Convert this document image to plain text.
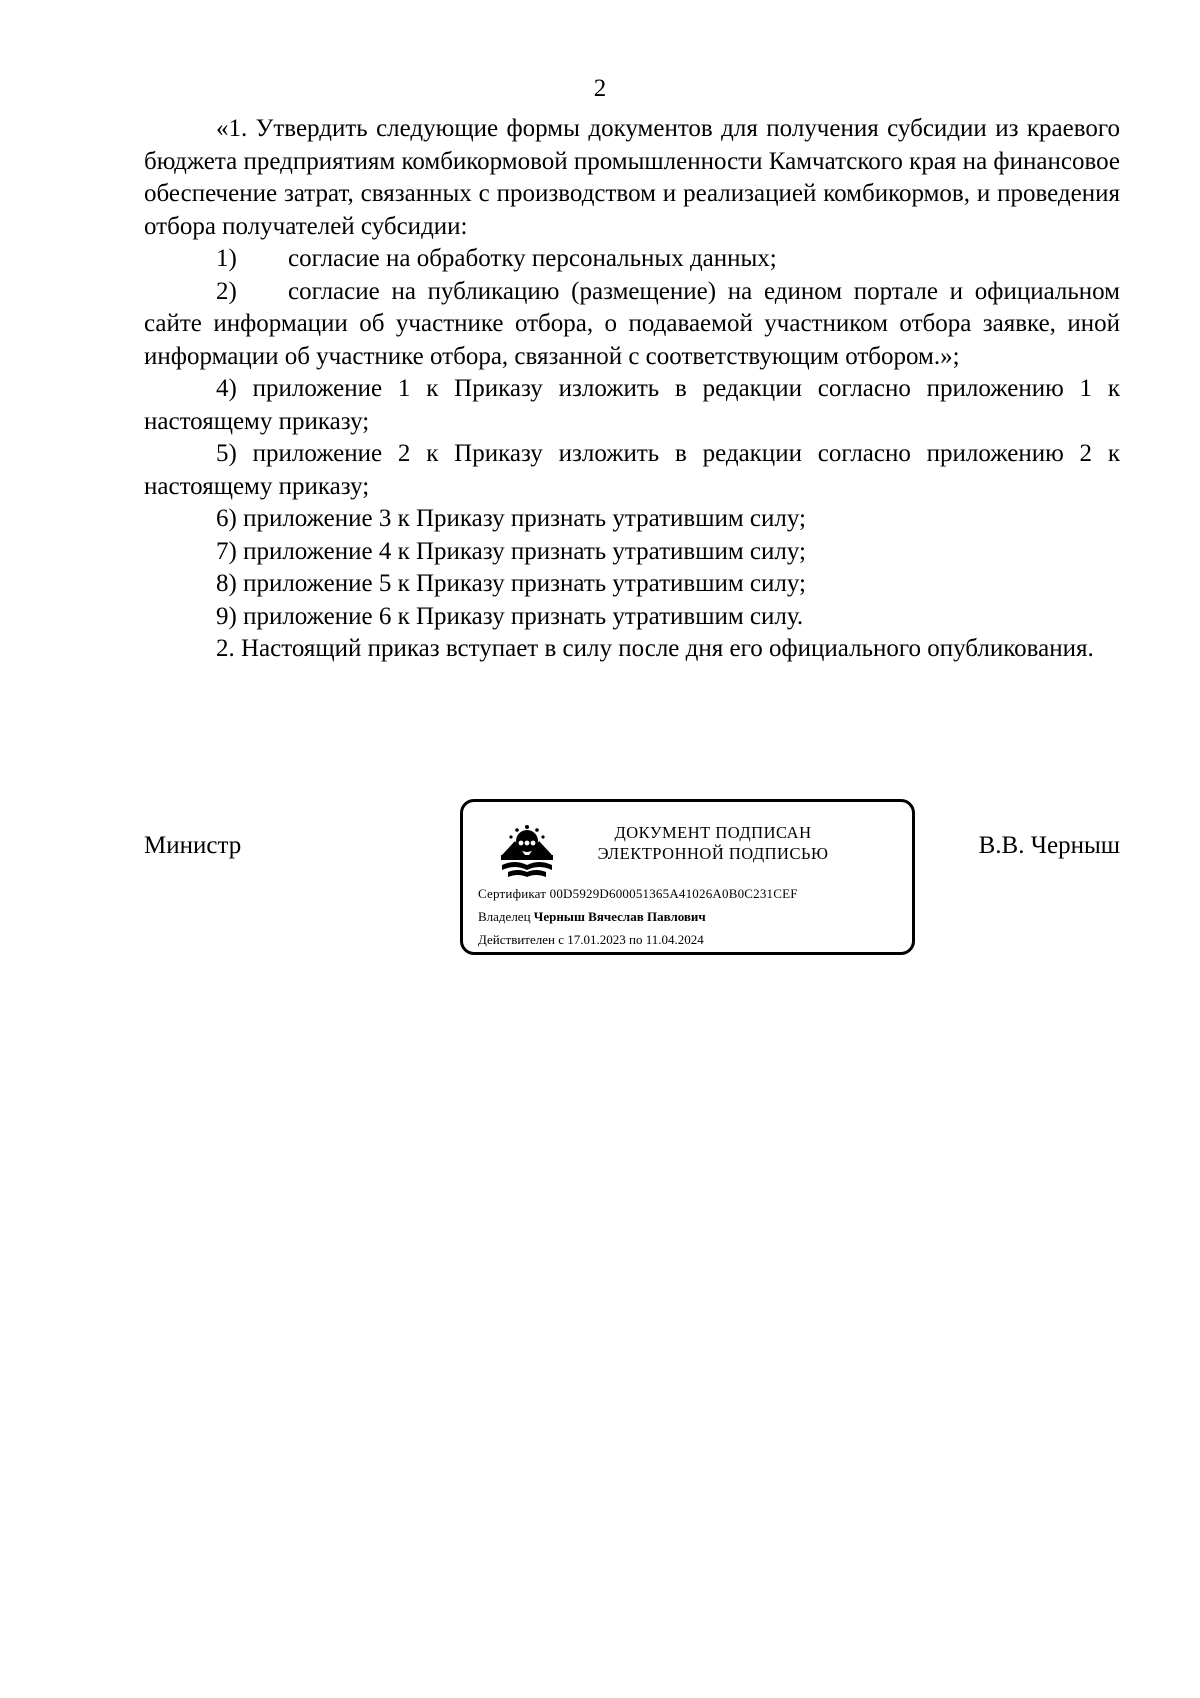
2

«1. Утвердить следующие формы документов для получения субсидии из краевого бюджета предприятиям комбикормовой промышленности Камчатского края на финансовое обеспечение затрат, связанных с производством и реализацией комбикормов, и проведения отбора получателей субсидии:

1) согласие на обработку персональных данных;

2) согласие на публикацию (размещение) на едином портале и официальном сайте информации об участнике отбора, о подаваемой участником отбора заявке, иной информации об участнике отбора, связанной с соответствующим отбором.»;

4) приложение 1 к Приказу изложить в редакции согласно приложению 1 к настоящему приказу;

5) приложение 2 к Приказу изложить в редакции согласно приложению 2 к настоящему приказу;

6) приложение 3 к Приказу признать утратившим силу;

7) приложение 4 к Приказу признать утратившим силу;

8) приложение 5 к Приказу признать утратившим силу;

9) приложение 6 к Приказу признать утратившим силу.

2. Настоящий приказ вступает в силу после дня его официального опубликования.

Министр	ДОКУМЕНТ ПОДПИСАН
ЭЛЕКТРОННОЙ ПОДПИСЬЮ
Сертификат 00D5929D600051365A41026A0B0C231CEF
Владелец Черныш Вячеслав Павлович
Действителен с 17.01.2023 по 11.04.2024
В.В. Черныш
